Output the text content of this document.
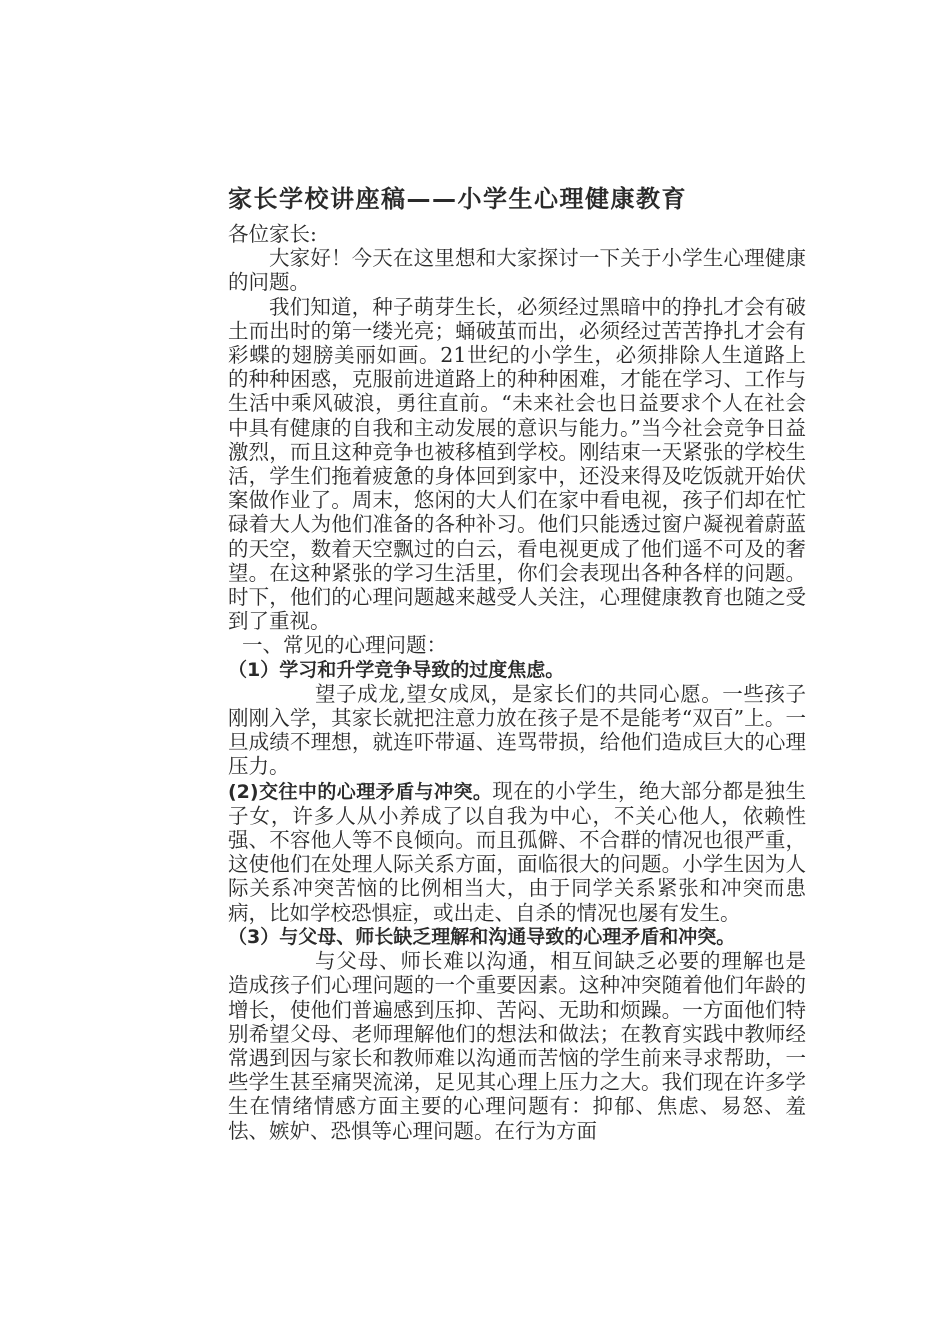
家长学校讲座稿——小学生心理健康教育

各位家长:

大家好！今天在这里想和大家探讨一下关于小学生心理健康的问题。

我们知道，种子萌芽生长，必须经过黑暗中的挣扎才会有破土而出时的第一缕光亮；蛹破茧而出，必须经过苦苦挣扎才会有彩蝶的翅膀美丽如画。21世纪的小学生，必须排除人生道路上的种种困惑，克服前进道路上的种种困难，才能在学习、工作与生活中乘风破浪，勇往直前。“未来社会也日益要求个人在社会中具有健康的自我和主动发展的意识与能力。”当今社会竞争日益激烈，而且这种竞争也被移植到学校。刚结束一天紧张的学校生活，学生们拖着疲惫的身体回到家中，还没来得及吃饭就开始伏案做作业了。周末，悠闲的大人们在家中看电视，孩子们却在忙碌着大人为他们准备的各种补习。他们只能透过窗户凝视着蔚蓝的天空，数着天空飘过的白云，看电视更成了他们遥不可及的奢望。在这种紧张的学习生活里，你们会表现出各种各样的问题。时下，他们的心理问题越来越受人关注，心理健康教育也随之受到了重视。

一、常见的心理问题：

（1）学习和升学竞争导致的过度焦虑。

望子成龙,望女成凤，是家长们的共同心愿。一些孩子刚刚入学，其家长就把注意力放在孩子是不是能考“双百”上。一旦成绩不理想，就连吓带逼、连骂带损，给他们造成巨大的心理压力。

(2)交往中的心理矛盾与冲突。现在的小学生，绝大部分都是独生子女，许多人从小养成了以自我为中心，不关心他人，依赖性强、不容他人等不良倾向。而且孤僻、不合群的情况也很严重，这使他们在处理人际关系方面，面临很大的问题。小学生因为人际关系冲突苦恼的比例相当大，由于同学关系紧张和冲突而患病，比如学校恐惧症，或出走、自杀的情况也屡有发生。

（3）与父母、师长缺乏理解和沟通导致的心理矛盾和冲突。

与父母、师长难以沟通，相互间缺乏必要的理解也是造成孩子们心理问题的一个重要因素。这种冲突随着他们年龄的增长，使他们普遍感到压抑、苦闷、无助和烦躁。一方面他们特别希望父母、老师理解他们的想法和做法；在教育实践中教师经常遇到因与家长和教师难以沟通而苦恼的学生前来寻求帮助，一些学生甚至痛哭流涕，足见其心理上压力之大。我们现在许多学生在情绪情感方面主要的心理问题有：抑郁、焦虑、易怒、羞怯、嫉妒、恐惧等心理问题。在行为方面
